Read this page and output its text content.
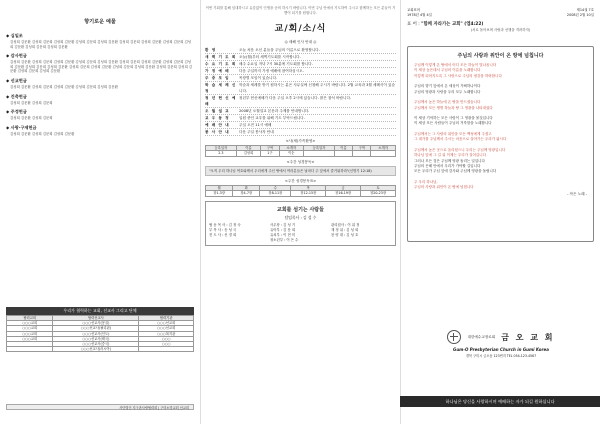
향기로운 예물
◆ 십일조
김성희 김문환 김성희 김문희 김성희 김문환 김성희 김문희 김성희 김문환 김성희 김문희 김성희 김문환 김성희 김문희 김성희 김문환 김성희 김문희 김성희 김문환
◆ 감사헌금
김성희 김문환 김성희 김문희 김성희 김문환 김성희 김문희 김성희 김문환 김성희 김문희 김성희 김문환 김성희 김문희 김성희 김문환 김성희 김문희 김성희 김문환 김성희 김문희 김성희 김문환 김성희 김문희 김성희 김문환 김성희 김문희 김성희 김문환 김성희 김문희 김성희 김문환
◆ 선교헌금
김성희 김문환 김성희 김문희 김성희 김문환 김성희 김문희 김성희 김문환
◆ 건축헌금
김성희 김문환 김성희 김문희
◆ 주정헌금
김성희 김문환 김성희 김문희
◆ 사랑·구제헌금
김성희 김문환 김성희 김문희 김성희 김문환
우리가 협력하는 교회, 선교사 그리고 단체
협력교회	협력선교사	협력기관
○○○교회	○○○선교사(몽골)	○○○선교회
○○○교회	○○○선교사(필리핀)	○○○선교회
○○○교회	○○○선교사(인도)	○○○복지관
○○○교회	○○○선교사(태국)	○○○
	○○○선교사(중국)	○○○
	○○○선교사(러시아)	
사단법인 지구촌사랑협력회 | 구미소망교회 선교회
이번 기회를 통해 임대하시고 유감없이 인생을 준비 하시기 바랍니다. 이번 주님 안에서 기도하여 주시고 함께하는 모든 분들이 기쁨이 되기를 원합니다.
교/회/소/식
◎ 새해 인사 안내 ◎
환 영	오늘 처음 오신 분들을 주님의 이름으로 환영합니다.
새 벽 기 도 회 오늘(월)부터 새벽기도회를 시작합니다.
수 요 기 도 회 매주 수요일 저녁 7시 30분에 기도회를 합니다.
가 정 예 배	다음 주일까지 가정 예배에 참여하십시오.
주 중 모 임	목장별 모임이 있습니다.
학 습 세 례 신 청
학습과 세례를 받기 원하시는 분은 사무실에 신청해 주시기 바랍니다. 2월 교육과 3월 세례식이 있습니다.
청 년 헌 신 예 배
청년부 헌신예배가 다음 주일 오후 2시에 있습니다. 많은 참석 바랍니다.
오 월 설 교	2008년 오월설교 본문과 주제를 안내합니다.
교 우 동 정	입원 중인 교우를 위해 기도 부탁드립니다.
예 배 안 내	주일 오전 11시 예배
봉 사 안 내	다음 주일 봉사자 안내
<사(새)가족환영>
등록일자	이름	구역	소개자	등록일자	이름	구역	소개자
2.3	김성희	1구	이순				
<주간 성경봉독>
"오직 우리 하나님 여호와께서 우리에게 주신 땅에서 여러분들은 날마다 주 앞에서 즐거워하라"(신명기 12:18)
<주간 성경봉독표>
월	화	수	목	금	토
창1-3장	창4-7장	창8-11장	창12-15장	창16-19장	창20-23장
교회를 섬기는 사람들
담임목사 : 김 성 수
협 동 목 사 : 김 정 숙	사무장 : 김 성 기	관리집사 : 이 위 정
부 목 사 : 송 성 국	유아부 : 김 문 희	재 정 위 : 김 성 희
전 도 사 : 신 경 희	유치부 : 이 현 미	찬 양 대 : 김 성 호
청소년부 : 이 은 수
교회표어
1978년 4월 4일
제14권 7호
2008년 2월 10일
표 어 : "함께 자라가는 교회" (엡4:22)
(서로 돌아보며 사랑과 선행을 격려하자)
주님의 사랑과 위안이 온 땅에 넘칩니다
주님께 이렇게 온 땅에서 어디 모든 하늘이 빛나옵니다
이 세상 높은데서 주님의 이름을 노래합니다
이렇게 되어지도록 그 사랑으로 주님의 평강을 허락합니다
주님의 향기 앞에서 온 세상이 기뻐하나이다
주님의 영광과 사랑을 우리 모두 노래합니다
주님께서 높은 하늘에 온 땅을 만드셨습니다
주님께서 모든 생명 하늘과 땅 그 영광을 나타내었다
이 세상 기억하는 모든 사람이 그 영광을 볼것입니다
이 세상 모든 사람들이 주님의 거룩함을 노래합니다
주님께서는 그 사랑의 위안을 모든 백성에게 주셨고
그 대가를 주님께서 주시는 마음으로 살아가는 우리가 됩시다
주님께서 높은 곳으로 올리셨으니 우리는 주님께 영광입니다
하나님 앞에 그 길 위 이제는 우리가 걸어갑니다
그러나 모든 것은 주님께 영광 돌리는 일입니다
주님의 은혜 안에서 우리가 가야할 길입니다
모든 우리가 주님 앞에 감사와 주님께 영광을 돌립니다
주 우리 하나님,
주님의 사랑과 위안이 온 땅에 넘칩니다
- 작은 노래 -
대한예수교장로회 금 오 교 회
Gum-O Presbyterian Church in Gumi Korea
경북 구미시 금오동 123번지 TEL 054-123-4567
하나님은 당신을 사랑하시며 예배하는 자가 되길 원하십니다
